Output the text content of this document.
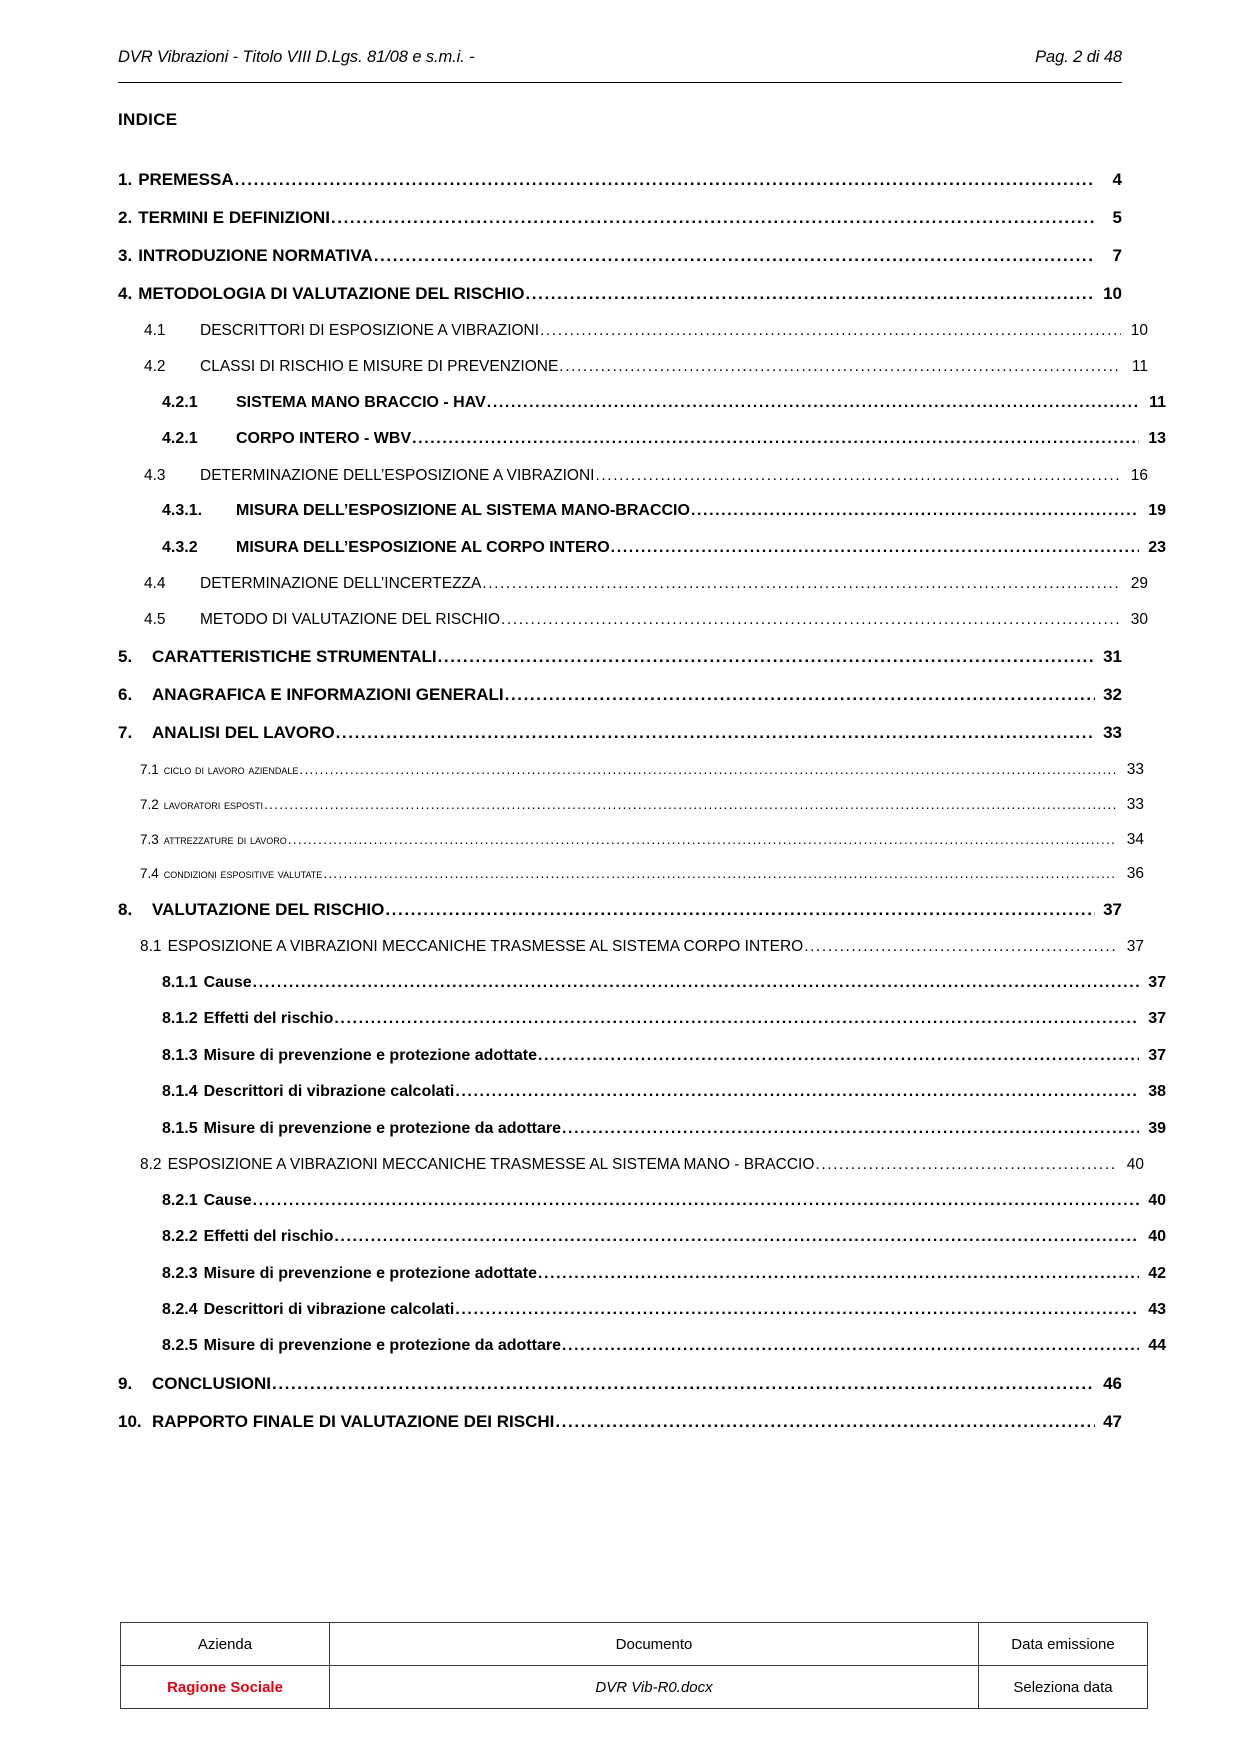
DVR Vibrazioni - Titolo VIII D.Lgs. 81/08 e s.m.i. -	Pag. 2 di 48
INDICE
1. PREMESSA .....	4
2. TERMINI E DEFINIZIONI .....	5
3. INTRODUZIONE NORMATIVA .....	7
4. METODOLOGIA DI VALUTAZIONE DEL RISCHIO .....	10
4.1	DESCRITTORI DI ESPOSIZIONE A VIBRAZIONI .....	10
4.2	CLASSI DI RISCHIO E MISURE DI PREVENZIONE .....	11
4.2.1	SISTEMA MANO BRACCIO - HAV .....	11
4.2.1	CORPO INTERO - WBV .....	13
4.3	DETERMINAZIONE DELL’ESPOSIZIONE A VIBRAZIONI .....	16
4.3.1.	MISURA DELL’ESPOSIZIONE AL SISTEMA MANO-BRACCIO .....	19
4.3.2	MISURA DELL’ESPOSIZIONE AL CORPO INTERO .....	23
4.4	DETERMINAZIONE DELL’INCERTEZZA .....	29
4.5	METODO DI VALUTAZIONE DEL RISCHIO .....	30
5.	CARATTERISTICHE STRUMENTALI .....	31
6.	ANAGRAFICA E INFORMAZIONI GENERALI .....	32
7.	ANALISI DEL LAVORO .....	33
7.1 ciclo di lavoro aziendale .....	33
7.2 lavoratori esposti .....	33
7.3 attrezzature di lavoro .....	34
7.4 condizioni espositive valutate .....	36
8.	VALUTAZIONE DEL RISCHIO .....	37
8.1 ESPOSIZIONE A VIBRAZIONI MECCANICHE TRASMESSE AL SISTEMA CORPO INTERO .....	37
8.1.1 Cause .....	37
8.1.2 Effetti del rischio .....	37
8.1.3 Misure di prevenzione e protezione adottate .....	37
8.1.4 Descrittori di vibrazione calcolati .....	38
8.1.5 Misure di prevenzione e protezione da adottare .....	39
8.2 ESPOSIZIONE A VIBRAZIONI MECCANICHE TRASMESSE AL SISTEMA MANO - BRACCIO .....	40
8.2.1 Cause .....	40
8.2.2 Effetti del rischio .....	40
8.2.3 Misure di prevenzione e protezione adottate .....	42
8.2.4 Descrittori di vibrazione calcolati .....	43
8.2.5 Misure di prevenzione e protezione da adottare .....	44
9.	CONCLUSIONI .....	46
10. RAPPORTO FINALE DI VALUTAZIONE DEI RISCHI .....	47
Azienda	Documento	Data emissione
Ragione Sociale	DVR Vib-R0.docx	Seleziona data
